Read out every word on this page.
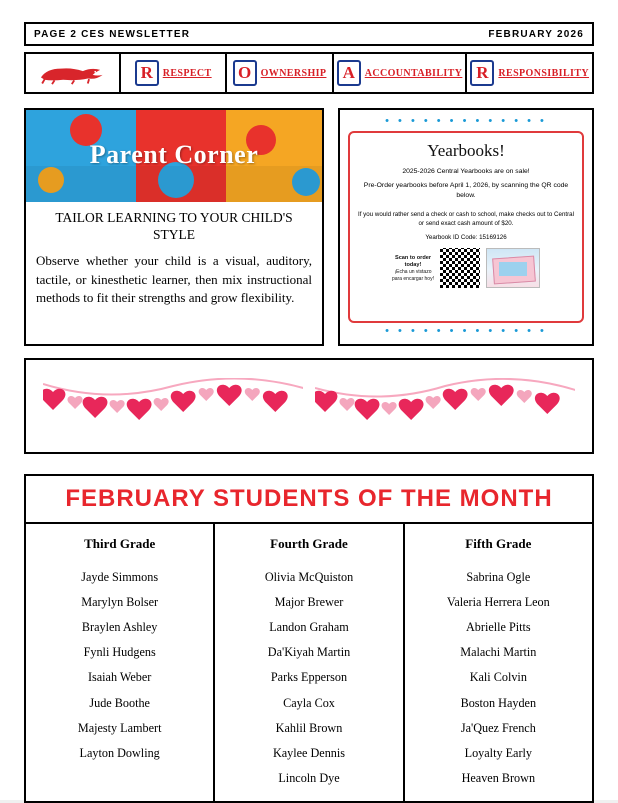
PAGE 2 CES NEWSLETTER	FEBRUARY 2026
R RESPECT	O OWNERSHIP A ACCOUNTABILITY R RESPONSIBILITY
Parent Corner
TAILOR LEARNING TO YOUR CHILD'S STYLE
Observe whether your child is a visual, auditory, tactile, or kinesthetic learner, then mix instructional methods to fit their strengths and grow flexibility.
• • • • • • • • • • • • •
Yearbooks!
2025-2026 Central Yearbooks are on sale!
Pre-Order yearbooks before April 1, 2026, by scanning the QR code below.
If you would rather send a check or cash to school, make checks out to Central or send exact cash amount of $20.
Yearbook ID Code: 15169126
Scan to order today!
¡Echa un vistazo para encargar hoy!
• • • • • • • • • • • • •
FEBRUARY STUDENTS OF THE MONTH
Third Grade
Jayde Simmons
Marylyn Bolser
Braylen Ashley
Fynli Hudgens
Isaiah Weber
Jude Boothe
Majesty Lambert
Layton Dowling
Fourth Grade
Olivia McQuiston
Major Brewer
Landon Graham
Da'Kiyah Martin
Parks Epperson
Cayla Cox
Kahlil Brown
Kaylee Dennis
Lincoln Dye
Fifth Grade
Sabrina Ogle
Valeria Herrera Leon
Abrielle Pitts
Malachi Martin
Kali Colvin
Boston Hayden
Ja'Quez French
Loyalty Early
Heaven Brown
